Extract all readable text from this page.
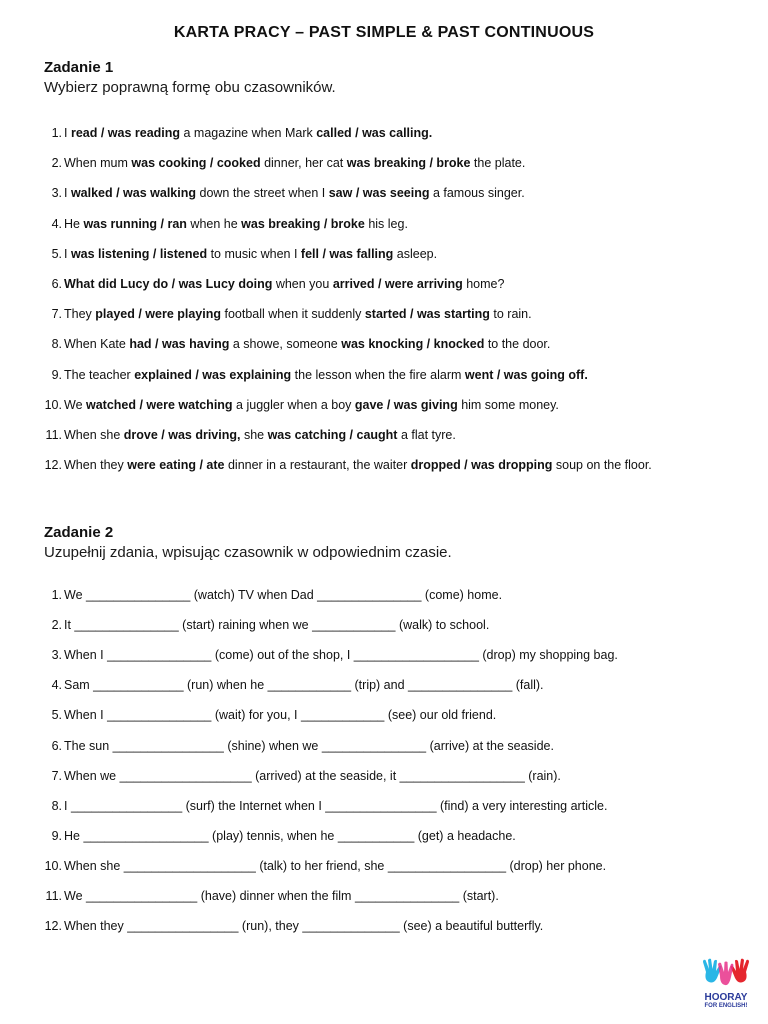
KARTA PRACY – PAST SIMPLE & PAST CONTINUOUS
Zadanie 1
Wybierz poprawną formę obu czasowników.
1. I read / was reading a magazine when Mark called / was calling.
2. When mum was cooking / cooked dinner, her cat was breaking / broke the plate.
3. I walked / was walking down the street when I saw / was seeing a famous singer.
4. He was running / ran when he was breaking / broke his leg.
5. I was listening / listened to music when I fell / was falling asleep.
6. What did Lucy do / was Lucy doing when you arrived / were arriving home?
7. They played / were playing football when it suddenly started / was starting to rain.
8. When Kate had / was having a showe, someone was knocking / knocked to the door.
9. The teacher explained / was explaining the lesson when the fire alarm went / was going off.
10. We watched / were watching a juggler when a boy gave / was giving him some money.
11. When she drove / was driving, she was catching / caught a flat tyre.
12. When they were eating / ate dinner in a restaurant, the waiter dropped / was dropping soup on the floor.
Zadanie 2
Uzupełnij zdania, wpisując czasownik w odpowiednim czasie.
1. We _______________ (watch) TV when Dad _______________ (come) home.
2. It _______________ (start) raining when we ____________ (walk) to school.
3. When I _______________ (come) out of the shop, I __________________ (drop) my shopping bag.
4. Sam _____________ (run) when he ____________ (trip) and _______________ (fall).
5. When I _______________ (wait) for you, I ____________ (see) our old friend.
6. The sun ________________ (shine) when we _______________ (arrive) at the seaside.
7. When we ___________________ (arrived) at the seaside, it __________________ (rain).
8. I ________________ (surf) the Internet when I ________________ (find) a very interesting article.
9. He __________________ (play) tennis, when he ___________ (get) a headache.
10. When she ___________________ (talk) to her friend, she _________________ (drop) her phone.
11. We ________________ (have) dinner when the film _______________ (start).
12. When they ________________ (run), they ______________ (see) a beautiful butterfly.
HOORAY
FOR ENGLISH!
